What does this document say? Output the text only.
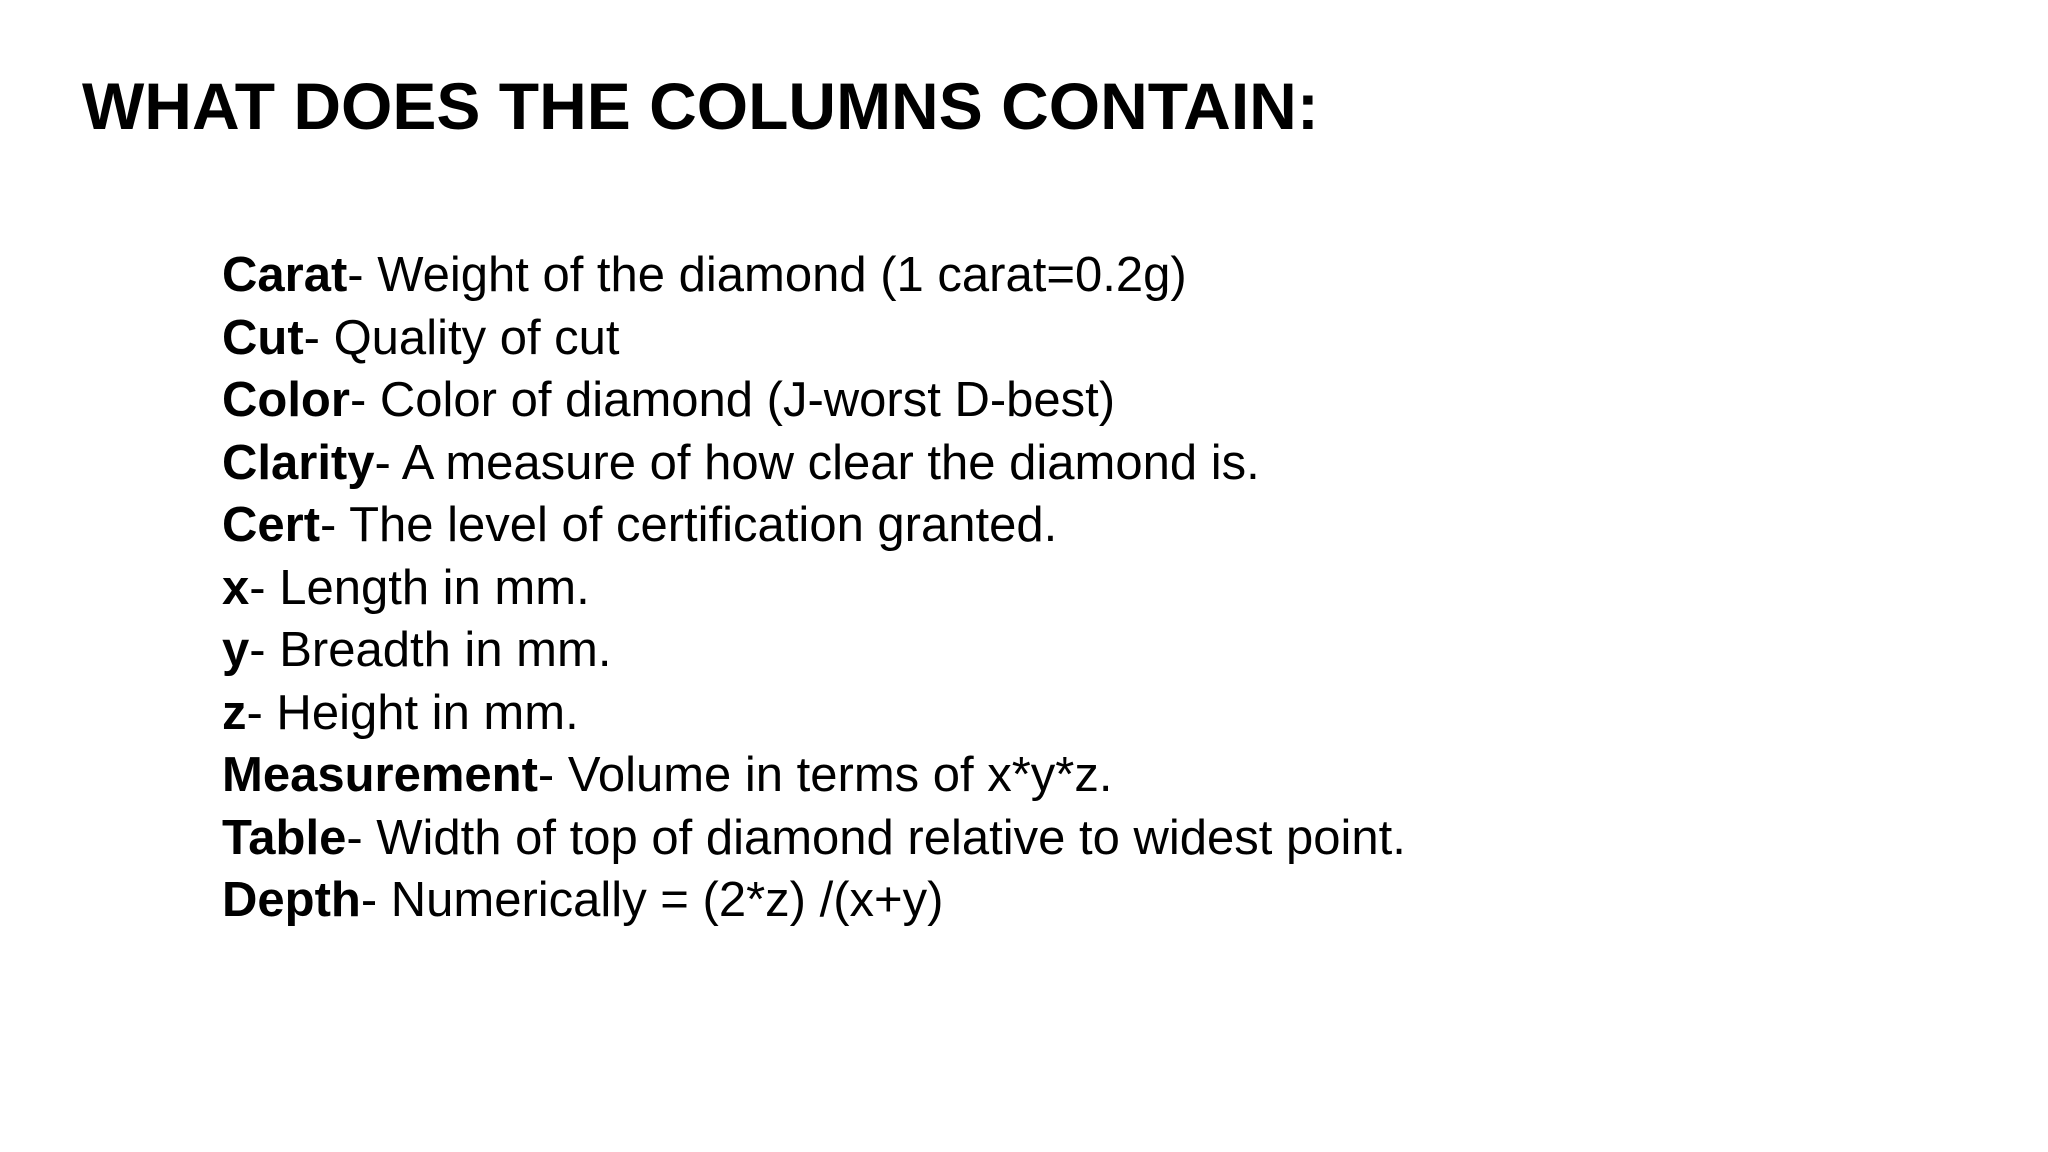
WHAT DOES THE COLUMNS CONTAIN:
Carat- Weight of the diamond (1 carat=0.2g)
Cut- Quality of cut
Color- Color of diamond (J-worst D-best)
Clarity- A measure of how clear the diamond is.
Cert- The level of certification granted.
x- Length in mm.
y- Breadth in mm.
z- Height in mm.
Measurement- Volume in terms of x*y*z.
Table- Width of top of diamond relative to widest point.
Depth- Numerically = (2*z) /(x+y)
